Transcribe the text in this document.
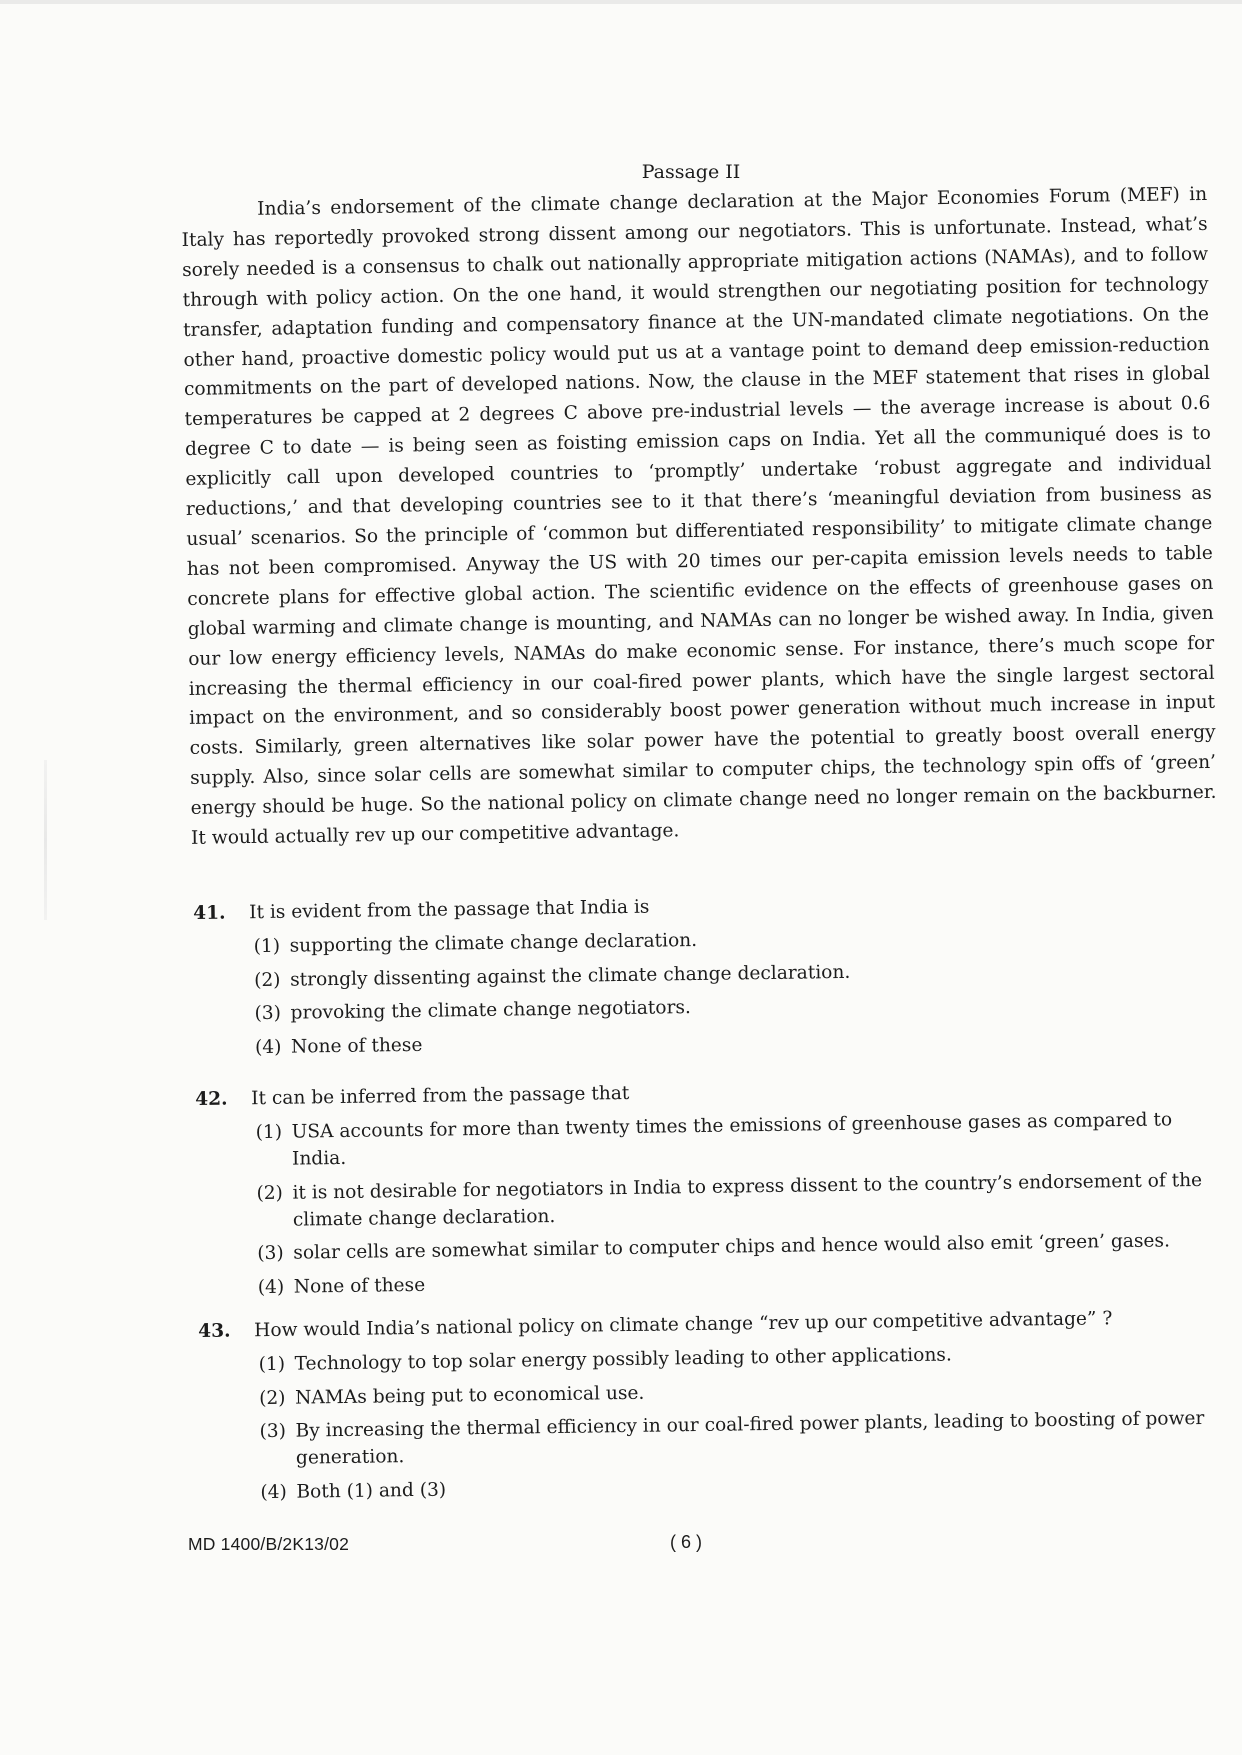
Passage II
India’s endorsement of the climate change declaration at the Major Economies Forum (MEF) in Italy has reportedly provoked strong dissent among our negotiators. This is unfortunate. Instead, what’s sorely needed is a consensus to chalk out nationally appropriate mitigation actions (NAMAs), and to follow through with policy action. On the one hand, it would strengthen our negotiating position for technology transfer, adaptation funding and compensatory finance at the UN-mandated climate negotiations. On the other hand, proactive domestic policy would put us at a vantage point to demand deep emission-reduction commitments on the part of developed nations. Now, the clause in the MEF statement that rises in global temperatures be capped at 2 degrees C above pre-industrial levels — the average increase is about 0.6 degree C to date — is being seen as foisting emission caps on India. Yet all the communiqué does is to explicitly call upon developed countries to ‘promptly’ undertake ‘robust aggregate and individual reductions,’ and that developing countries see to it that there’s ‘meaningful deviation from business as usual’ scenarios. So the principle of ‘common but differentiated responsibility’ to mitigate climate change has not been compromised. Anyway the US with 20 times our per-capita emission levels needs to table concrete plans for effective global action. The scientific evidence on the effects of greenhouse gases on global warming and climate change is mounting, and NAMAs can no longer be wished away. In India, given our low energy efficiency levels, NAMAs do make economic sense. For instance, there’s much scope for increasing the thermal efficiency in our coal-fired power plants, which have the single largest sectoral impact on the environment, and so considerably boost power generation without much increase in input costs. Similarly, green alternatives like solar power have the potential to greatly boost overall energy supply. Also, since solar cells are somewhat similar to computer chips, the technology spin offs of ‘green’ energy should be huge. So the national policy on climate change need no longer remain on the backburner. It would actually rev up our competitive advantage.
41.	It is evident from the passage that India is
(1) supporting the climate change declaration.
(2) strongly dissenting against the climate change declaration.
(3) provoking the climate change negotiators.
(4) None of these
42.	It can be inferred from the passage that
(1) USA accounts for more than twenty times the emissions of greenhouse gases as compared to India.
(2) it is not desirable for negotiators in India to express dissent to the country’s endorsement of the climate change declaration.
(3) solar cells are somewhat similar to computer chips and hence would also emit ‘green’ gases.
(4) None of these
43.	How would India’s national policy on climate change “rev up our competitive advantage” ?
(1) Technology to top solar energy possibly leading to other applications.
(2) NAMAs being put to economical use.
(3) By increasing the thermal efficiency in our coal-fired power plants, leading to boosting of power generation.
(4) Both (1) and (3)
MD 1400/B/2K13/02	( 6 )
